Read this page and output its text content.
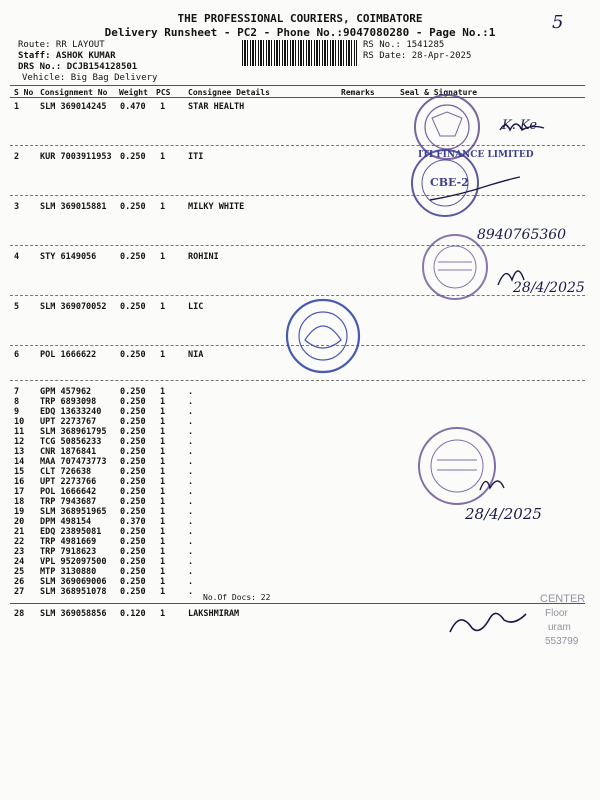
THE PROFESSIONAL COURIERS, COIMBATORE
Delivery Runsheet - PC2 - Phone No.:9047080280 - Page No.:1	5
Route: RR LAYOUT
Staff: ASHOK KUMAR
DRS No.: DCJB154128501
Vehicle: Big Bag Delivery
RS No.: 1541285
RS Date: 28-Apr-2025
S No Consignment No Weight PCS Consignee Details	Remarks	Seal & Signature
1 SLM 369014245 0.470 1	STAR HEALTH
2 KUR 7003911953 0.250 1	ITI
3 SLM 369015881 0.250 1	MILKY WHITE
4 STY 6149056	0.250 1	ROHINI
5 SLM 369070052 0.250 1	LIC
6 POL 1666622	0.250 1	NIA
7 GPM 457962	0.250 1	.
8 TRP 6893098	0.250 1	.
9 EDQ 13633240 0.250 1	.
10 UPT 2273767	0.250 1	.
11 SLM 368961795 0.250 1	.
12 TCG 50856233 0.250 1	.
13 CNR 1876841	0.250 1	.
14 MAA 707473773 0.250 1	.
15 CLT 726638	0.250 1	.
16 UPT 2273766	0.250 1	.
17 POL 1666642	0.250 1	.
18 TRP 7943687	0.250 1	.
19 SLM 368951965 0.250 1	.
20 DPM 498154	0.370 1	.
21 EDQ 23895081 0.250 1	.
22 TRP 4981669	0.250 1	.
23 TRP 7918623	0.250 1	.
24 VPL 952097500 0.250 1	.
25 MTP 3130880	0.250 1	.
26 SLM 369069006 0.250 1	.
27 SLM 368951078 0.250 1	.
28 SLM 369058856 0.120 1	LAKSHMIRAM
No.Of Docs: 22
CBE-2
ITI FINANCE LIMITED
K. Ke
8940765360
28/4/2025
28/4/2025
CENTER
Floor
uram
553799
